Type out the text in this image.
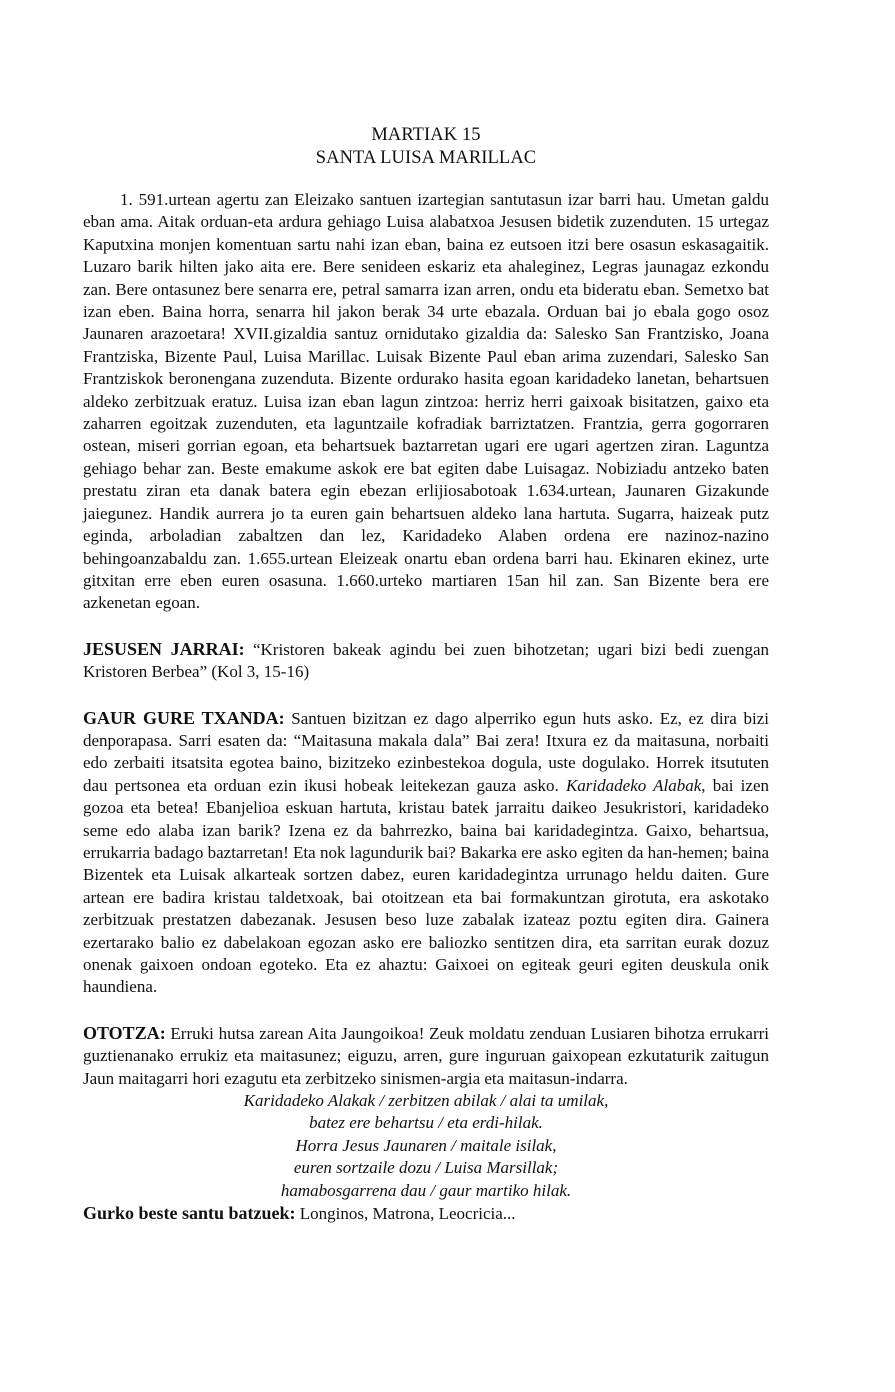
MARTIAK 15
SANTA LUISA MARILLAC

1. 591.urtean agertu zan Eleizako santuen izartegian santutasun izar barri hau. Umetan galdu eban ama. Aitak orduan-eta ardura gehiago Luisa alabatxoa Jesusen bidetik zuzenduten. 15 urtegaz Kaputxina monjen komentuan sartu nahi izan eban, baina ez eutsoen itzi bere osasun eskasagaitik. Luzaro barik hilten jako aita ere. Bere senideen eskariz eta ahaleginez, Legras jaunagaz ezkondu zan. Bere ontasunez bere senarra ere, petral samarra izan arren, ondu eta bideratu eban. Semetxo bat izan eben. Baina horra, senarra hil jakon berak 34 urte ebazala. Orduan bai jo ebala gogo osoz Jaunaren arazoetara! XVII.gizaldia santuz ornidutako gizaldia da: Salesko San Frantzisko, Joana Frantziska, Bizente Paul, Luisa Marillac. Luisak Bizente Paul eban arima zuzendari, Salesko San Frantziskok beronengana zuzenduta. Bizente ordurako hasita egoan karidadeko lanetan, behartsuen aldeko zerbitzuak eratuz. Luisa izan eban lagun zintzoa: herriz herri gaixoak bisitatzen, gaixo eta zaharren egoitzak zuzenduten, eta laguntzaile kofradiak barriztatzen. Frantzia, gerra gogorraren ostean, miseri gorrian egoan, eta behartsuek baztarretan ugari ere ugari agertzen ziran. Laguntza gehiago behar zan. Beste emakume askok ere bat egiten dabe Luisagaz. Nobiziadu antzeko baten prestatu ziran eta danak batera egin ebezan erlijiosabotoak 1.634.urtean, Jaunaren Gizakunde jaiegunez. Handik aurrera jo ta euren gain behartsuen aldeko lana hartuta. Sugarra, haizeak putz eginda, arboladian zabaltzen dan lez, Karidadeko Alaben ordena ere nazinoz-nazino behingoanzabaldu zan. 1.655.urtean Eleizeak onartu eban ordena barri hau. Ekinaren ekinez, urte gitxitan erre eben euren osasuna. 1.660.urteko martiaren 15an hil zan. San Bizente bera ere azkenetan egoan.

JESUSEN JARRAI: “Kristoren bakeak agindu bei zuen bihotzetan; ugari bizi bedi zuengan Kristoren Berbea” (Kol 3, 15-16)

GAUR GURE TXANDA: Santuen bizitzan ez dago alperriko egun huts asko. Ez, ez dira bizi denporapasa. Sarri esaten da: “Maitasuna makala dala” Bai zera! Itxura ez da maitasuna, norbaiti edo zerbaiti itsatsita egotea baino, bizitzeko ezinbestekoa dogula, uste dogulako. Horrek itsututen dau pertsonea eta orduan ezin ikusi hobeak leitekezan gauza asko. Karidadeko Alabak, bai izen gozoa eta betea! Ebanjelioa eskuan hartuta, kristau batek jarraitu daikeo Jesukristori, karidadeko seme edo alaba izan barik? Izena ez da bahrrezko, baina bai karidadegintza. Gaixo, behartsua, errukarria badago baztarretan! Eta nok lagundurik bai? Bakarka ere asko egiten da han-hemen; baina Bizentek eta Luisak alkarteak sortzen dabez, euren karidadegintza urrunago heldu daiten. Gure artean ere badira kristau taldetxoak, bai otoitzean eta bai formakuntzan girotuta, era askotako zerbitzuak prestatzen dabezanak. Jesusen beso luze zabalak izateaz poztu egiten dira. Gainera ezertarako balio ez dabelakoan egozan asko ere baliozko sentitzen dira, eta sarritan eurak dozuz onenak gaixoen ondoan egoteko. Eta ez ahaztu: Gaixoei on egiteak geuri egiten deuskula onik haundiena.

OTOTZA: Erruki hutsa zarean Aita Jaungoikoa! Zeuk moldatu zenduan Lusiaren bihotza errukarri guztienanako errukiz eta maitasunez; eiguzu, arren, gure inguruan gaixopean ezkutaturik zaitugun Jaun maitagarri hori ezagutu eta zerbitzeko sinismen-argia eta maitasun-indarra.

Karidadeko Alakak / zerbitzen abilak / alai ta umilak,

batez ere behartsu / eta erdi-hilak.

Horra Jesus Jaunaren / maitale isilak,

euren sortzaile dozu / Luisa Marsillak;

hamabosgarrena dau / gaur martiko hilak.

Gurko beste santu batzuek: Longinos, Matrona, Leocricia...
